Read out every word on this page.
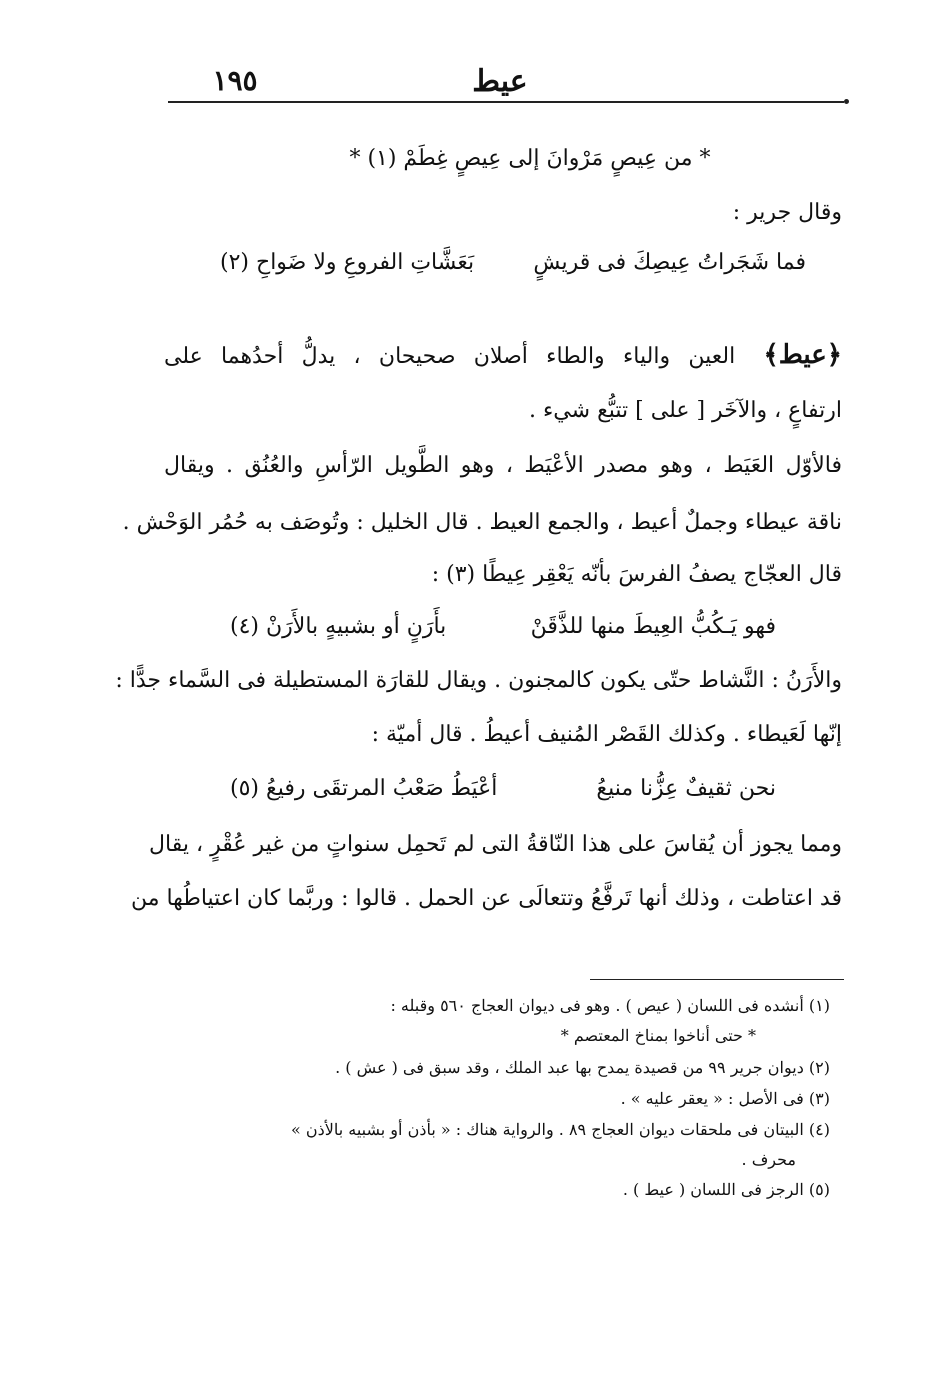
عيط
١٩٥
* من عِيصٍ مَرْوانَ إلى عِيصٍ غِطَمْ (١) *
وقال جرير :
فما شَجَراتُ عِيصِكَ فى قريشٍ
بَعَشَّاتِ الفروعِ ولا ضَواحِ (٢)
﴿عيط﴾ العين والياء والطاء أصلان صحيحان ، يدلُّ أحدُهما على
ارتفاعٍ ، والآخَر [ على ] تتبُّع شيء .
فالأوّل العَيَط ، وهو مصدر الأعْيَط ، وهو الطَّويل الرّأسِ والعُنُق . ويقال
ناقة عيطاء وجملٌ أعيط ، والجمع العيط . قال الخليل : وتُوصَف به حُمُر الوَحْش .
قال العجّاج يصفُ الفرسَ بأنّه يَعْقِر عِيطًا (٣) :
فهو يَـكُبُّ العِيطَ منها للذَّقَنْ
بأَرَنٍ أو بشبيهٍ بالأَرَنْ (٤)
والأَرَنُ : النَّشاط حتّى يكون كالمجنون . ويقال للقارَة المستطيلة فى السَّماء جدًّا :
إنّها لَعَيطاء . وكذلك القَصْر المُنيف أعيطُ . قال أميّة :
نحن ثقيفٌ عِزُّنا منيعُ
أعْيَطُ صَعْبُ المرتقَى رفيعُ (٥)
ومما يجوز أن يُقاسَ على هذا النّاقةُ التى لم تَحمِل سنواتٍ من غير عُقْرٍ ، يقال
قد اعتاطت ، وذلك أنها تَرفَّعُ وتتعالَى عن الحمل . قالوا : وربَّما كان اعتياطُها من
(١) أنشده فى اللسان ( عيص ) . وهو فى ديوان العجاج ٥٦٠ وقبله :
* حتى أناخوا بمناخ المعتصم *
(٢) ديوان جرير ٩٩ من قصيدة يمدح بها عبد الملك ، وقد سبق فى ( عش ) .
(٣) فى الأصل : « يعقر عليه » .
(٤) البيتان فى ملحقات ديوان العجاج ٨٩ . والرواية هناك : « بأذن أو بشبيه بالأذن »
محرف .
(٥) الرجز فى اللسان ( عيط ) .
